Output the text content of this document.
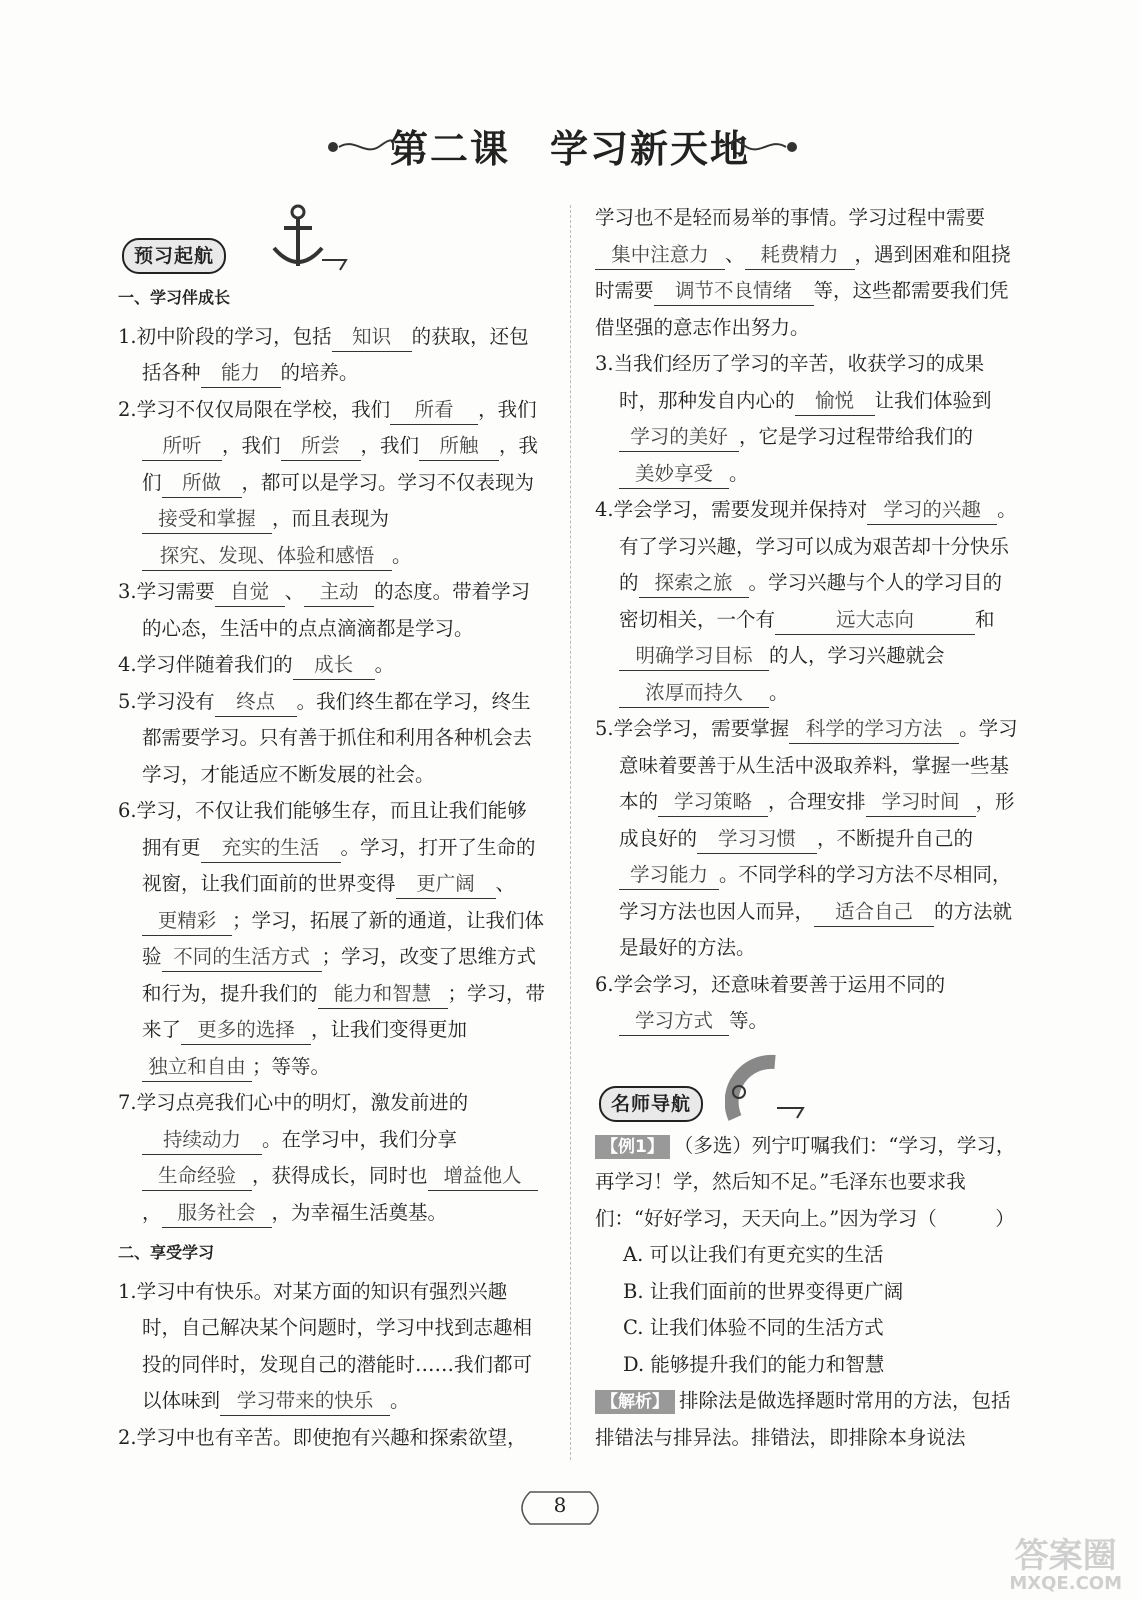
第二课 学习新天地
预习起航

一、学习伴成长

1.初中阶段的学习，包括 知识 的获取，还包括各种 能力 的培养。

2.学习不仅仅局限在学校，我们 所看 ，我们所听 ，我们 所尝 ，我们 所触 ，我们 所做 ，都可以是学习。学习不仅表现为接受和掌握 ，而且表现为探究、发现、体验和感悟 。

3.学习需要 自觉 、 主动 的态度。带着学习的心态，生活中的点点滴滴都是学习。

4.学习伴随着我们的 成长 。

5.学习没有 终点 。我们终生都在学习，终生都需要学习。只有善于抓住和利用各种机会去学习，才能适应不断发展的社会。

6.学习，不仅让我们能够生存，而且让我们能够拥有更 充实的生活 。学习，打开了生命的视窗，让我们面前的世界变得 更广阔 、更精彩 ；学习，拓展了新的通道，让我们体验 不同的生活方式 ；学习，改变了思维方式和行为，提升我们的 能力和智慧 ；学习，带来了 更多的选择 ，让我们变得更加独立和自由 ；等等。

7.学习点亮我们心中的明灯，激发前进的持续动力 。在学习中，我们分享生命经验 ，获得成长，同时也 增益他人， 服务社会 ，为幸福生活奠基。

二、享受学习

1.学习中有快乐。对某方面的知识有强烈兴趣时，自己解决某个问题时，学习中找到志趣相投的同伴时，发现自己的潜能时……我们都可以体味到 学习带来的快乐 。

2.学习中也有辛苦。即使抱有兴趣和探索欲望，

学习也不是轻而易举的事情。学习过程中需要集中注意力 、 耗费精力 ，遇到困难和阻挠时需要 调节不良情绪 等，这些都需要我们凭借坚强的意志作出努力。

3.当我们经历了学习的辛苦，收获学习的成果时，那种发自内心的 愉悦 让我们体验到学习的美好 ，它是学习过程带给我们的美妙享受 。

4.学会学习，需要发现并保持对 学习的兴趣 。有了学习兴趣，学习可以成为艰苦却十分快乐的 探索之旅 。学习兴趣与个人的学习目的密切相关，一个有	远大志向	和明确学习目标 的人，学习兴趣就会浓厚而持久 。

5.学会学习，需要掌握 科学的学习方法 。学习意味着要善于从生活中汲取养料，掌握一些基本的 学习策略 ，合理安排 学习时间 ，形成良好的 学习习惯 ，不断提升自己的学习能力 。不同学科的学习方法不尽相同，学习方法也因人而异， 适合自己 的方法就是最好的方法。

6.学会学习，还意味着要善于运用不同的学习方式 等。

名师导航

【例1】 （多选）列宁叮嘱我们：“学习，学习，再学习！学，然后知不足。”毛泽东也要求我们：“好好学习，天天向上。”因为学习（　　　）

A. 可以让我们有更充实的生活

B. 让我们面前的世界变得更广阔

C. 让我们体验不同的生活方式

D. 能够提升我们的能力和智慧

【解析】 排除法是做选择题时常用的方法，包括排错法与排异法。排错法，即排除本身说法

8
答案圈
MXQE.COM
